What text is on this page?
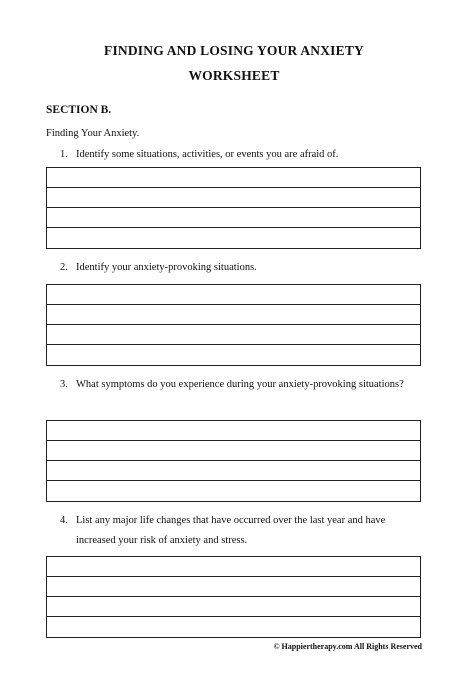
FINDING AND LOSING YOUR ANXIETY
WORKSHEET
SECTION B.
Finding Your Anxiety.
1. Identify some situations, activities, or events you are afraid of.
2. Identify your anxiety-provoking situations.
3. What symptoms do you experience during your anxiety-provoking situations?
4. List any major life changes that have occurred over the last year and have increased your risk of anxiety and stress.
© Happiertherapy.com All Rights Reserved
